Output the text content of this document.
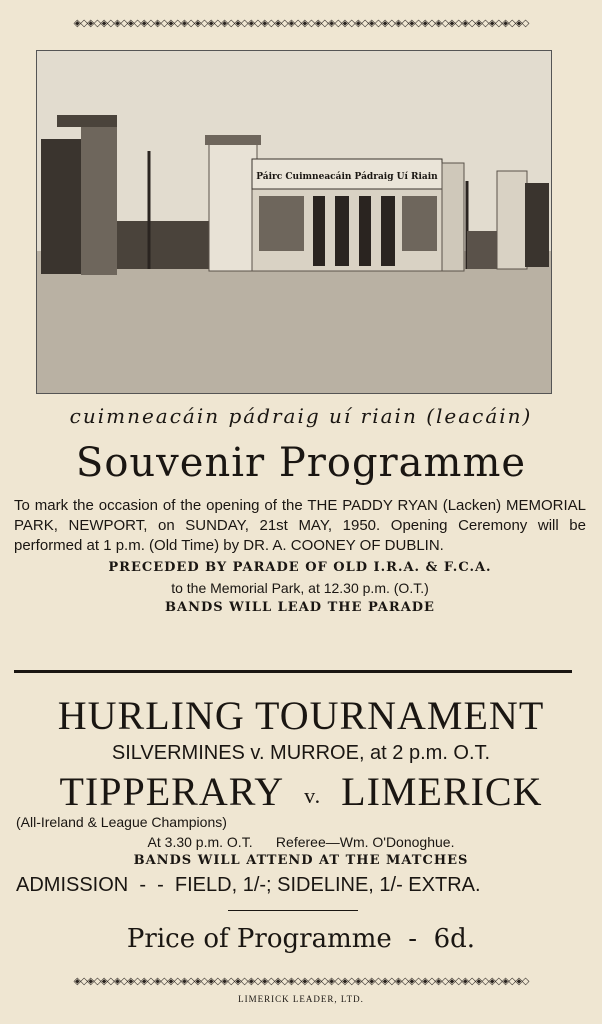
◈◇◈◇◈◇◈◇◈◇◈◇◈◇◈◇◈◇◈◇◈◇◈◇◈◇◈◇◈◇◈◇◈◇◈◇◈◇◈◇◈◇◈◇◈◇◈◇◈◇◈◇◈◇◈◇◈◇◈◇◈◇◈◇◈◇◈◇
Páirc Cuimneacáin Pádraig Uí Riain
cuimneacáin pádraig uí riain (leacáin)
Souvenir Programme
To mark the occasion of the opening of the THE PADDY RYAN (Lacken) MEMORIAL PARK, NEWPORT, on SUNDAY, 21st MAY, 1950. Opening Ceremony will be performed at 1 p.m. (Old Time) by DR. A. COONEY OF DUBLIN.
PRECEDED BY PARADE OF OLD I.R.A. & F.C.A.
to the Memorial Park, at 12.30 p.m. (O.T.)
BANDS WILL LEAD THE PARADE
HURLING TOURNAMENT
SILVERMINES v. MURROE, at 2 p.m. O.T.
TIPPERARY v. LIMERICK
(All-Ireland & League Champions)
At 3.30 p.m. O.T.      Referee—Wm. O'Donoghue.
BANDS WILL ATTEND AT THE MATCHES
ADMISSION  -  -  FIELD, 1/-; SIDELINE, 1/- EXTRA.
Price of Programme  -  6d.
◈◇◈◇◈◇◈◇◈◇◈◇◈◇◈◇◈◇◈◇◈◇◈◇◈◇◈◇◈◇◈◇◈◇◈◇◈◇◈◇◈◇◈◇◈◇◈◇◈◇◈◇◈◇◈◇◈◇◈◇◈◇◈◇◈◇◈◇
LIMERICK LEADER, LTD.
